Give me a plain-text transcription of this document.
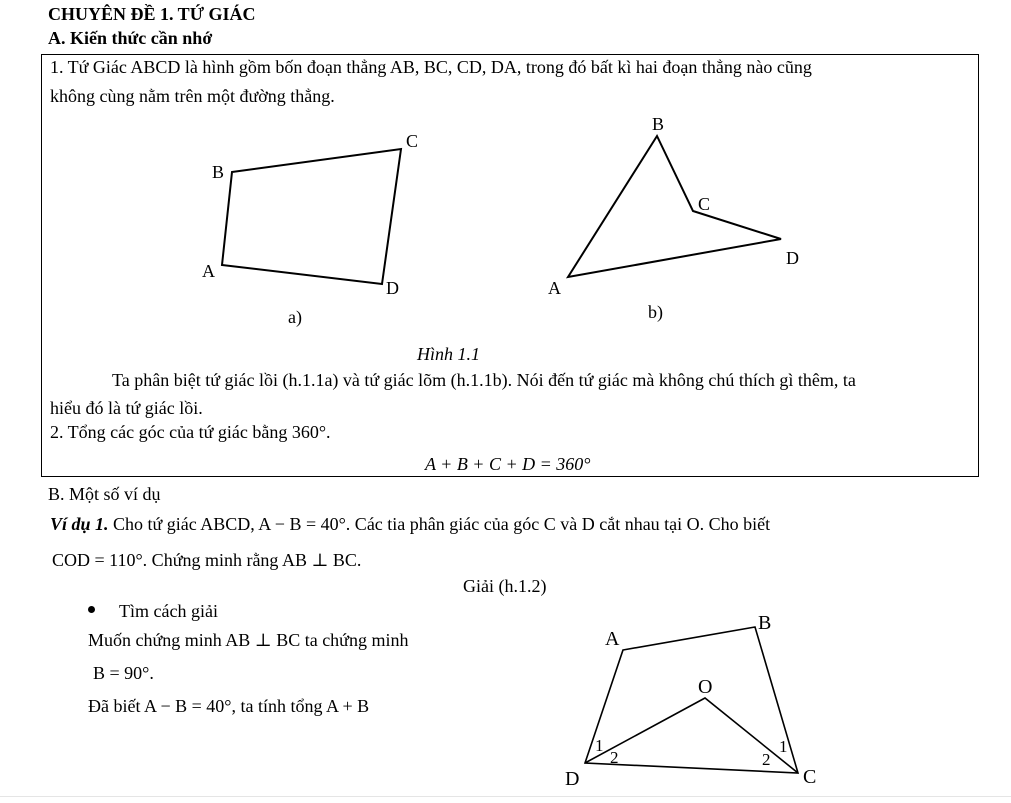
CHUYÊN ĐỀ 1. TỨ GIÁC
A. Kiến thức cần nhớ
1. Tứ Giác ABCD là hình gồm bốn đoạn thẳng AB, BC, CD, DA, trong đó bất kì hai đoạn thẳng nào cũng
không cùng nằm trên một đường thẳng.
B
C
A
D
a)
B
C
D
A
b)
Hình 1.1
Ta phân biệt tứ giác lồi (h.1.1a) và tứ giác lõm (h.1.1b). Nói đến tứ giác mà không chú thích gì thêm, ta
hiểu đó là tứ giác lồi.
2. Tổng các góc của tứ giác bằng 360°.
A + B + C + D = 360°
B. Một số ví dụ
Ví dụ 1. Cho tứ giác ABCD, A − B = 40°. Các tia phân giác của góc C và D cắt nhau tại O. Cho biết
COD = 110°. Chứng minh rằng AB ⊥ BC.
Giải (h.1.2)
Tìm cách giải
Muốn chứng minh AB ⊥ BC ta chứng minh
B = 90°.
Đã biết A − B = 40°, ta tính tổng A + B
A
B
O
D	C
1
2	2
1
